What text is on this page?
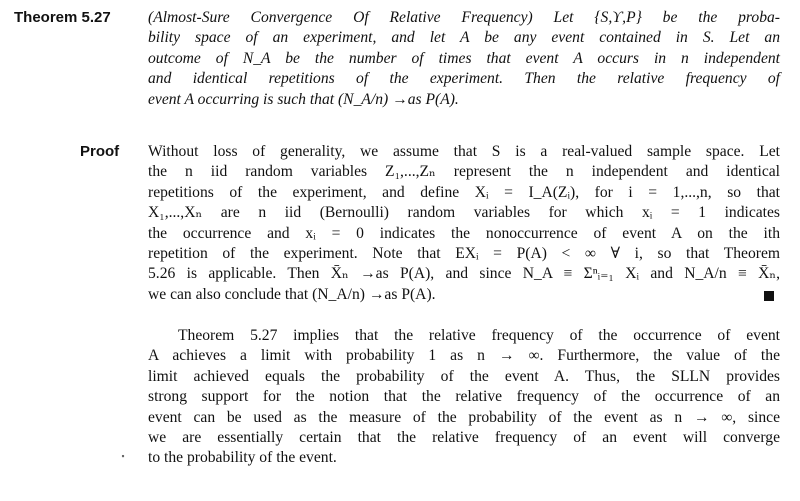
Theorem 5.27 (Almost-Sure Convergence Of Relative Frequency) Let {S,ϒ,P} be the proba-
bility space of an experiment, and let A be any event contained in S. Let an
outcome of N_A be the number of times that event A occurs in n independent
and identical repetitions of the experiment. Then the relative frequency of
event A occurring is such that (N_A/n) →as P(A).
Proof Without loss of generality, we assume that S is a real-valued sample space. Let
the n iid random variables Z₁,...,Zₙ represent the n independent and identical
repetitions of the experiment, and define Xᵢ = I_A(Zᵢ), for i = 1,...,n, so that
X₁,...,Xₙ are n iid (Bernoulli) random variables for which xᵢ = 1 indicates
the occurrence and xᵢ = 0 indicates the nonoccurrence of event A on the ith
repetition of the experiment. Note that EXᵢ = P(A) < ∞ ∀ i, so that Theorem
5.26 is applicable. Then X̄ₙ →as P(A), and since N_A ≡ Σⁿᵢ₌₁ Xᵢ and N_A/n ≡ X̄ₙ,
we can also conclude that (N_A/n) →as P(A).
Theorem 5.27 implies that the relative frequency of the occurrence of event
A achieves a limit with probability 1 as n → ∞. Furthermore, the value of the
limit achieved equals the probability of the event A. Thus, the SLLN provides
strong support for the notion that the relative frequency of the occurrence of an
event can be used as the measure of the probability of the event as n → ∞, since
we are essentially certain that the relative frequency of an event will converge
to the probability of the event.
⸼
